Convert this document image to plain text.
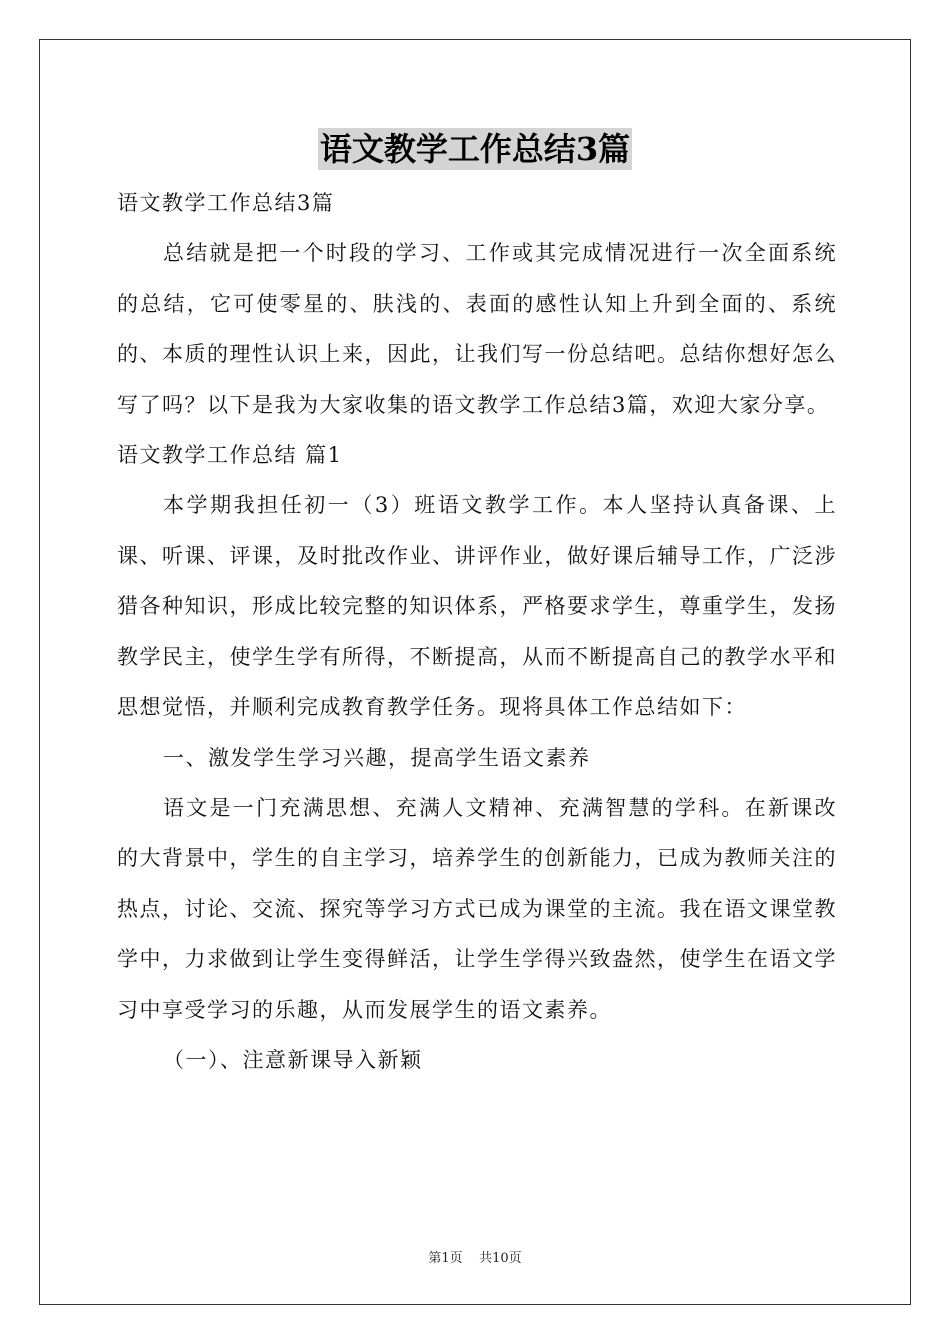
语文教学工作总结3篇

语文教学工作总结3篇

总结就是把一个时段的学习、工作或其完成情况进行一次全面系统的总结，它可使零星的、肤浅的、表面的感性认知上升到全面的、系统的、本质的理性认识上来，因此，让我们写一份总结吧。总结你想好怎么写了吗？以下是我为大家收集的语文教学工作总结3篇，欢迎大家分享。

语文教学工作总结 篇1

本学期我担任初一（3）班语文教学工作。本人坚持认真备课、上课、听课、评课，及时批改作业、讲评作业，做好课后辅导工作，广泛涉猎各种知识，形成比较完整的知识体系，严格要求学生，尊重学生，发扬教学民主，使学生学有所得，不断提高，从而不断提高自己的教学水平和思想觉悟，并顺利完成教育教学任务。现将具体工作总结如下：

一、激发学生学习兴趣，提高学生语文素养

语文是一门充满思想、充满人文精神、充满智慧的学科。在新课改的大背景中，学生的自主学习，培养学生的创新能力，已成为教师关注的热点，讨论、交流、探究等学习方式已成为课堂的主流。我在语文课堂教学中，力求做到让学生变得鲜活，让学生学得兴致盎然，使学生在语文学习中享受学习的乐趣，从而发展学生的语文素养。

（一）、注意新课导入新颖

第1页    共10页
